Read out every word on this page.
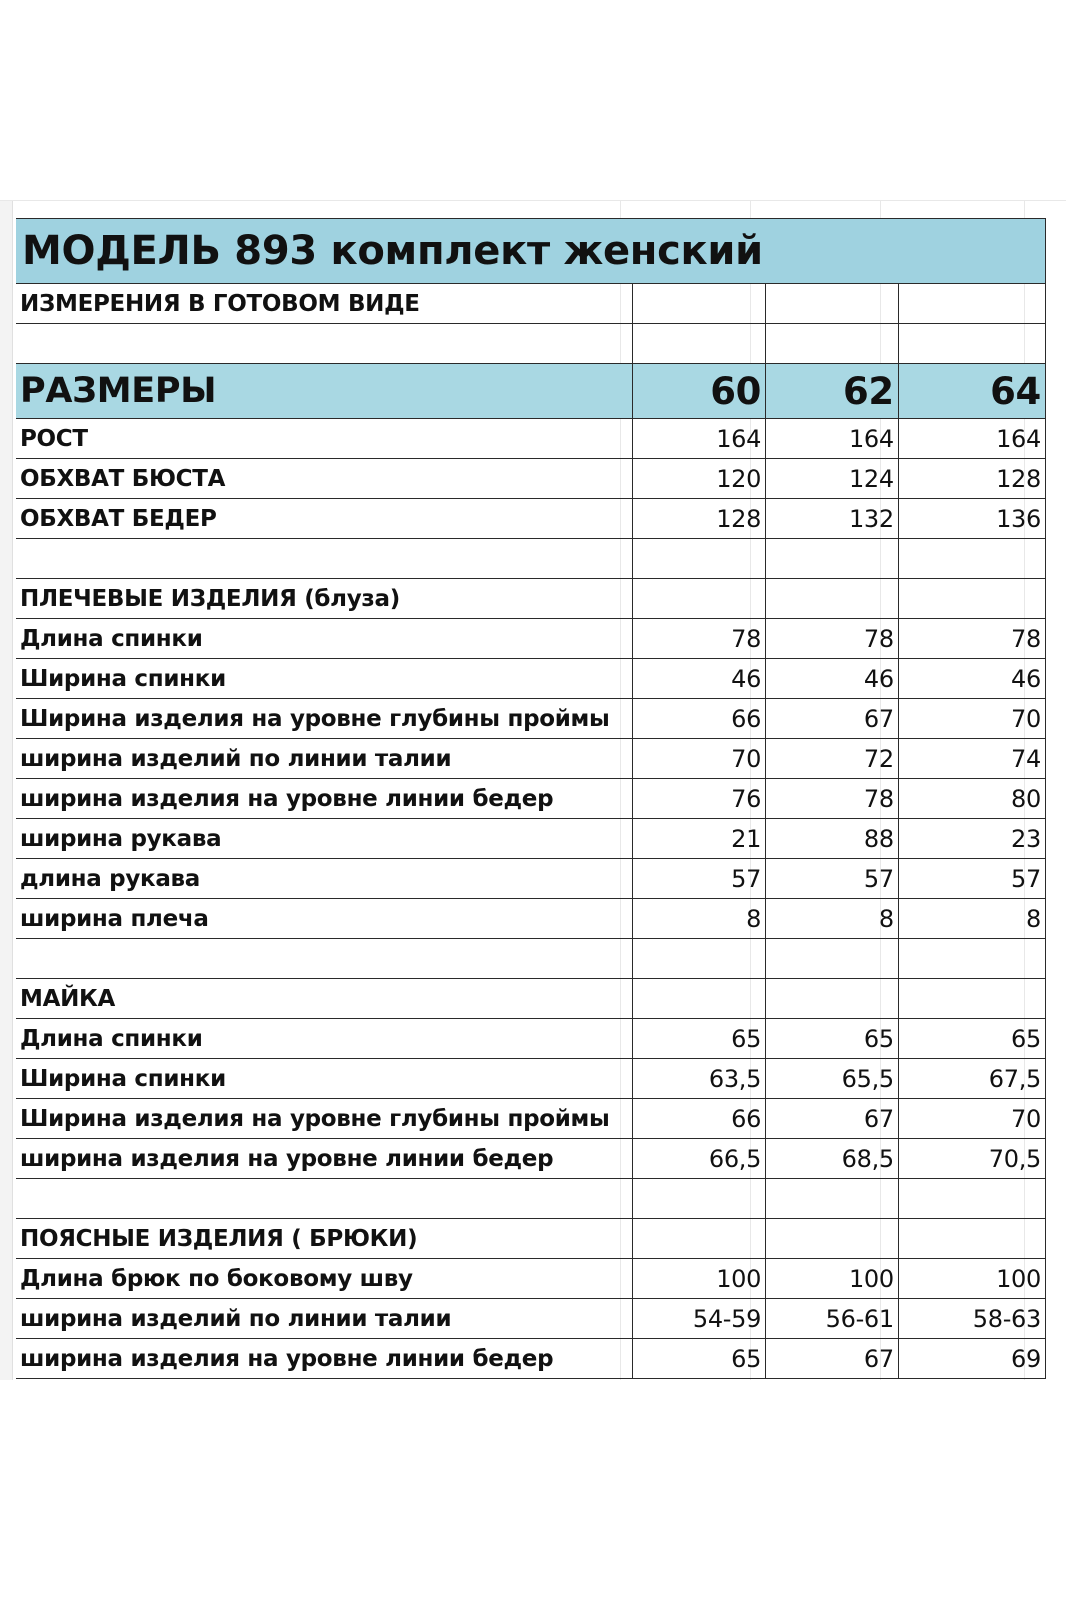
МОДЕЛЬ 893 комплект женский			
ИЗМЕРЕНИЯ В ГОТОВОМ ВИДЕ			

РАЗМЕРЫ	60	62	64
РОСТ	164	164	164
ОБХВАТ БЮСТА	120	124	128
ОБХВАТ БЕДЕР	128	132	136

ПЛЕЧЕВЫЕ ИЗДЕЛИЯ (блуза)			
Длина спинки	78	78	78
Ширина спинки	46	46	46
Ширина изделия на уровне глубины проймы	66	67	70
ширина изделий по линии талии	70	72	74
ширина изделия на уровне линии бедер	76	78	80
ширина рукава	21	88	23
длина рукава	57	57	57
ширина плеча	8	8	8

МАЙКА			
Длина спинки	65	65	65
Ширина спинки	63,5	65,5	67,5
Ширина изделия на уровне глубины проймы	66	67	70
ширина изделия на уровне линии бедер	66,5	68,5	70,5

ПОЯСНЫЕ ИЗДЕЛИЯ ( БРЮКИ)			
Длина брюк по боковому шву	100	100	100
ширина изделий по линии талии	54-59	56-61	58-63
ширина изделия на уровне линии бедер	65	67	69
